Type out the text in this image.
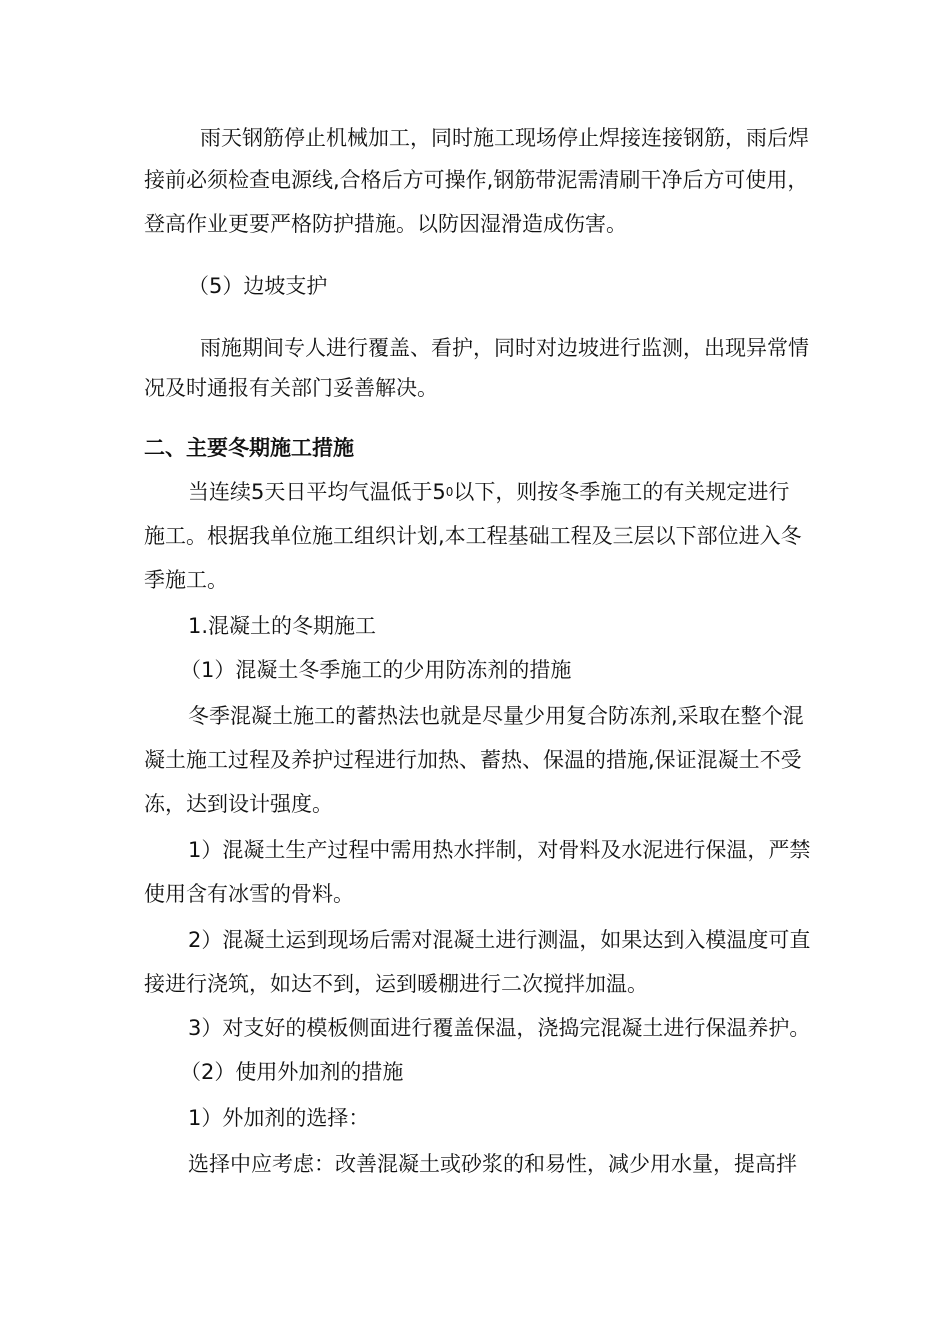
雨天钢筋停止机械加工，同时施工现场停止焊接连接钢筋，雨后焊
接前必须检查电源线,合格后方可操作,钢筋带泥需清刷干净后方可使用，
登高作业更要严格防护措施。以防因湿滑造成伤害。
（5）边坡支护
雨施期间专人进行覆盖、看护，同时对边坡进行监测，出现异常情
况及时通报有关部门妥善解决。
二、主要冬期施工措施
当连续5天日平均气温低于$5^0$以下，则按冬季施工的有关规定进行
施工。根据我单位施工组织计划,本工程基础工程及三层以下部位进入冬
季施工。
1.混凝土的冬期施工
（1）混凝土冬季施工的少用防冻剂的措施
冬季混凝土施工的蓄热法也就是尽量少用复合防冻剂,采取在整个混
凝土施工过程及养护过程进行加热、蓄热、保温的措施,保证混凝土不受
冻，达到设计强度。
1）混凝土生产过程中需用热水拌制，对骨料及水泥进行保温，严禁
使用含有冰雪的骨料。
2）混凝土运到现场后需对混凝土进行测温，如果达到入模温度可直
接进行浇筑，如达不到，运到暖棚进行二次搅拌加温。
3）对支好的模板侧面进行覆盖保温，浇捣完混凝土进行保温养护。
（2）使用外加剂的措施
1）外加剂的选择：
选择中应考虑：改善混凝土或砂浆的和易性，减少用水量，提高拌
